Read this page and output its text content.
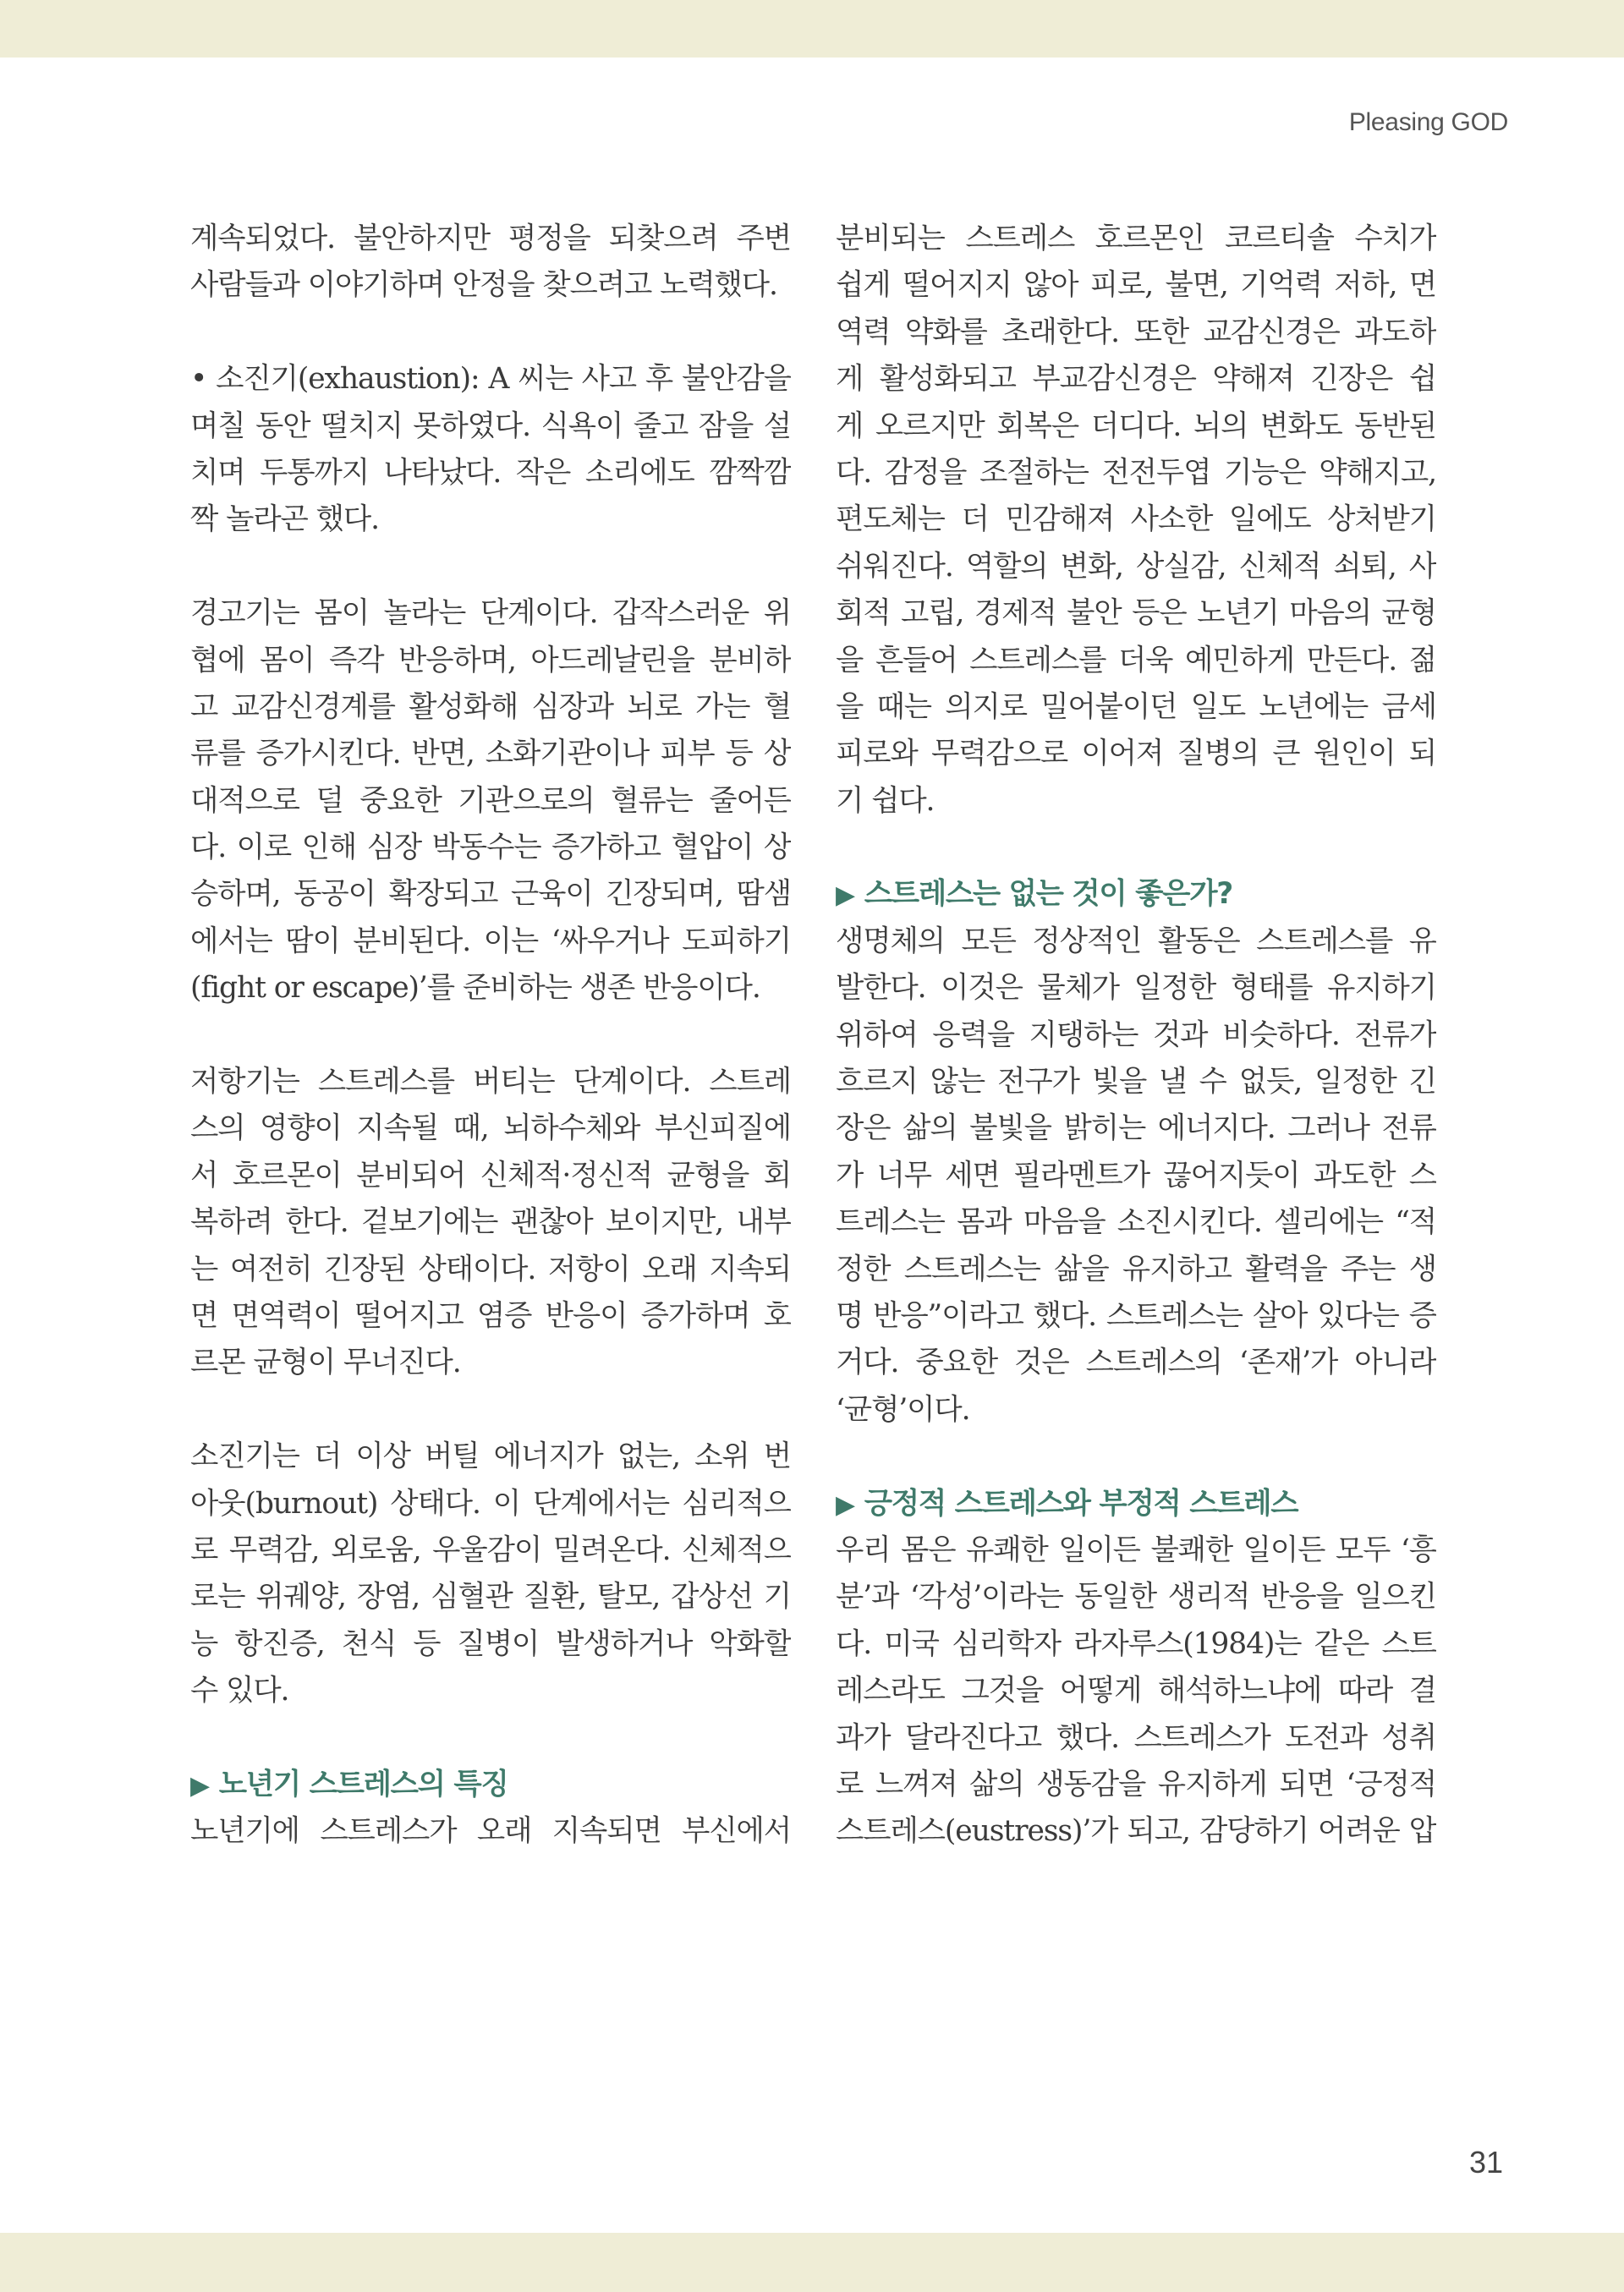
Pleasing GOD
계속되었다. 불안하지만 평정을 되찾으려 주변
사람들과 이야기하며 안정을 찾으려고 노력했다.
• 소진기(exhaustion): A 씨는 사고 후 불안감을
며칠 동안 떨치지 못하였다. 식욕이 줄고 잠을 설
치며 두통까지 나타났다. 작은 소리에도 깜짝깜
짝 놀라곤 했다.
경고기는 몸이 놀라는 단계이다. 갑작스러운 위
협에 몸이 즉각 반응하며, 아드레날린을 분비하
고 교감신경계를 활성화해 심장과 뇌로 가는 혈
류를 증가시킨다. 반면, 소화기관이나 피부 등 상
대적으로 덜 중요한 기관으로의 혈류는 줄어든
다. 이로 인해 심장 박동수는 증가하고 혈압이 상
승하며, 동공이 확장되고 근육이 긴장되며, 땀샘
에서는 땀이 분비된다. 이는 ‘싸우거나 도피하기
(fight or escape)’를 준비하는 생존 반응이다.
저항기는 스트레스를 버티는 단계이다. 스트레
스의 영향이 지속될 때, 뇌하수체와 부신피질에
서 호르몬이 분비되어 신체적·정신적 균형을 회
복하려 한다. 겉보기에는 괜찮아 보이지만, 내부
는 여전히 긴장된 상태이다. 저항이 오래 지속되
면 면역력이 떨어지고 염증 반응이 증가하며 호
르몬 균형이 무너진다.
소진기는 더 이상 버틸 에너지가 없는, 소위 번
아웃(burnout) 상태다. 이 단계에서는 심리적으
로 무력감, 외로움, 우울감이 밀려온다. 신체적으
로는 위궤양, 장염, 심혈관 질환, 탈모, 갑상선 기
능 항진증, 천식 등 질병이 발생하거나 악화할
수 있다.
▶ 노년기 스트레스의 특징
노년기에 스트레스가 오래 지속되면 부신에서
분비되는 스트레스 호르몬인 코르티솔 수치가
쉽게 떨어지지 않아 피로, 불면, 기억력 저하, 면
역력 약화를 초래한다. 또한 교감신경은 과도하
게 활성화되고 부교감신경은 약해져 긴장은 쉽
게 오르지만 회복은 더디다. 뇌의 변화도 동반된
다. 감정을 조절하는 전전두엽 기능은 약해지고,
편도체는 더 민감해져 사소한 일에도 상처받기
쉬워진다. 역할의 변화, 상실감, 신체적 쇠퇴, 사
회적 고립, 경제적 불안 등은 노년기 마음의 균형
을 흔들어 스트레스를 더욱 예민하게 만든다. 젊
을 때는 의지로 밀어붙이던 일도 노년에는 금세
피로와 무력감으로 이어져 질병의 큰 원인이 되
기 쉽다.
▶ 스트레스는 없는 것이 좋은가?
생명체의 모든 정상적인 활동은 스트레스를 유
발한다. 이것은 물체가 일정한 형태를 유지하기
위하여 응력을 지탱하는 것과 비슷하다. 전류가
흐르지 않는 전구가 빛을 낼 수 없듯, 일정한 긴
장은 삶의 불빛을 밝히는 에너지다. 그러나 전류
가 너무 세면 필라멘트가 끊어지듯이 과도한 스
트레스는 몸과 마음을 소진시킨다. 셀리에는 “적
정한 스트레스는 삶을 유지하고 활력을 주는 생
명 반응”이라고 했다. 스트레스는 살아 있다는 증
거다. 중요한 것은 스트레스의 ‘존재’가 아니라
‘균형’이다.
▶ 긍정적 스트레스와 부정적 스트레스
우리 몸은 유쾌한 일이든 불쾌한 일이든 모두 ‘흥
분’과 ‘각성’이라는 동일한 생리적 반응을 일으킨
다. 미국 심리학자 라자루스(1984)는 같은 스트
레스라도 그것을 어떻게 해석하느냐에 따라 결
과가 달라진다고 했다. 스트레스가 도전과 성취
로 느껴져 삶의 생동감을 유지하게 되면 ‘긍정적
스트레스(eustress)’가 되고, 감당하기 어려운 압
31
